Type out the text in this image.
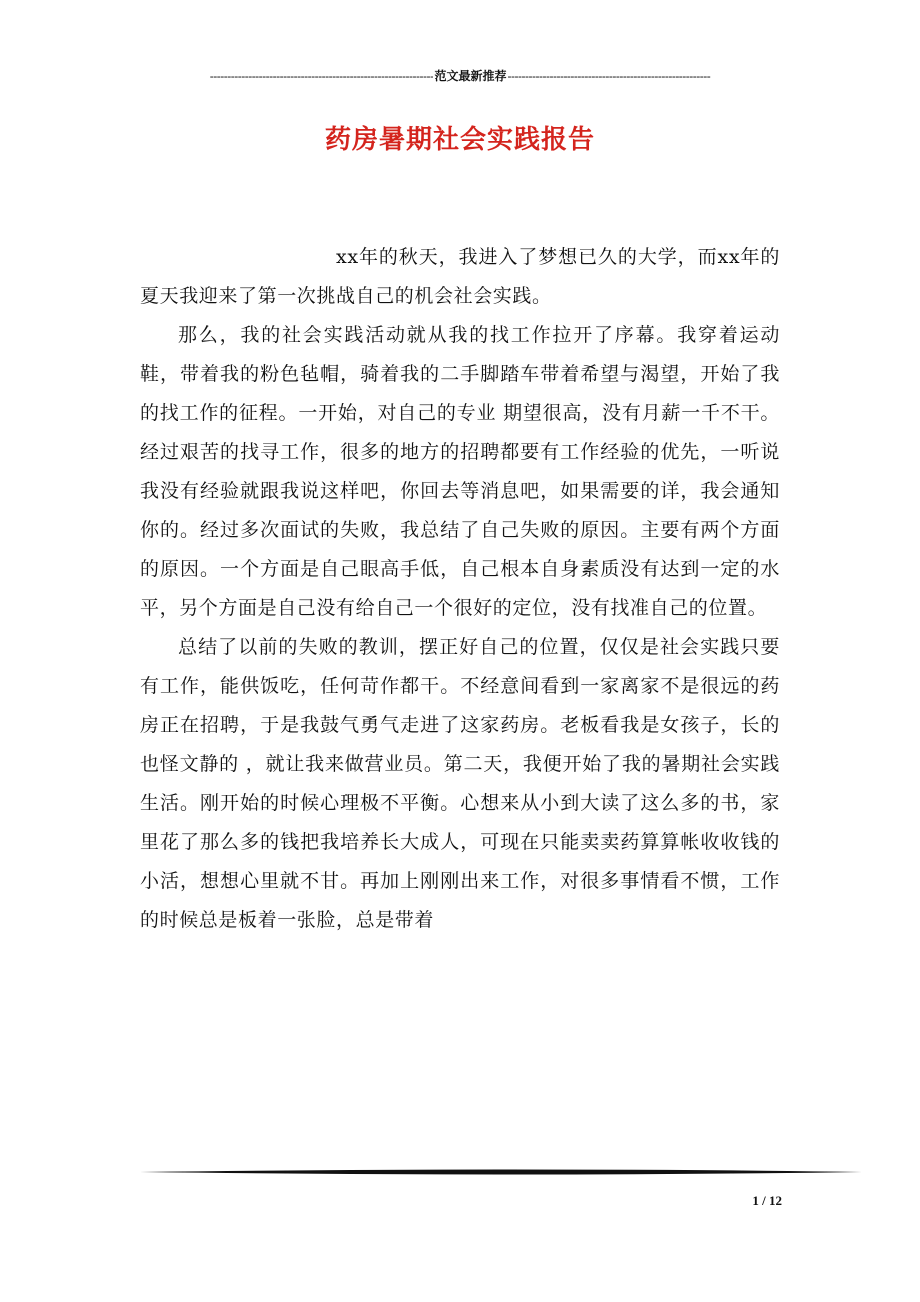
---------------------------------------------------------------- 范文最新推荐 ----------------------------------------------------------
药房暑期社会实践报告

xx年的秋天，我进入了梦想已久的大学，而xx年的夏天我迎来了第一次挑战自己的机会社会实践。

那么，我的社会实践活动就从我的找工作拉开了序幕。我穿着运动鞋，带着我的粉色毡帽，骑着我的二手脚踏车带着希望与渴望，开始了我的找工作的征程。一开始，对自己的专业 期望很高，没有月薪一千不干。经过艰苦的找寻工作，很多的地方的招聘都要有工作经验的优先，一听说我没有经验就跟我说这样吧，你回去等消息吧，如果需要的详，我会通知你的。经过多次面试的失败，我总结了自己失败的原因。主要有两个方面的原因。一个方面是自己眼高手低，自己根本自身素质没有达到一定的水平，另个方面是自己没有给自己一个很好的定位，没有找准自己的位置。

总结了以前的失败的教训，摆正好自己的位置，仅仅是社会实践只要有工作，能供饭吃，任何苛作都干。不经意间看到一家离家不是很远的药房正在招聘，于是我鼓气勇气走进了这家药房。老板看我是女孩子，长的也怪文静的 ，就让我来做营业员。第二天，我便开始了我的暑期社会实践生活。刚开始的时候心理极不平衡。心想来从小到大读了这么多的书，家里花了那么多的钱把我培养长大成人，可现在只能卖卖药算算帐收收钱的小活，想想心里就不甘。再加上刚刚出来工作，对很多事情看不惯，工作的时候总是板着一张脸，总是带着

1 / 12
